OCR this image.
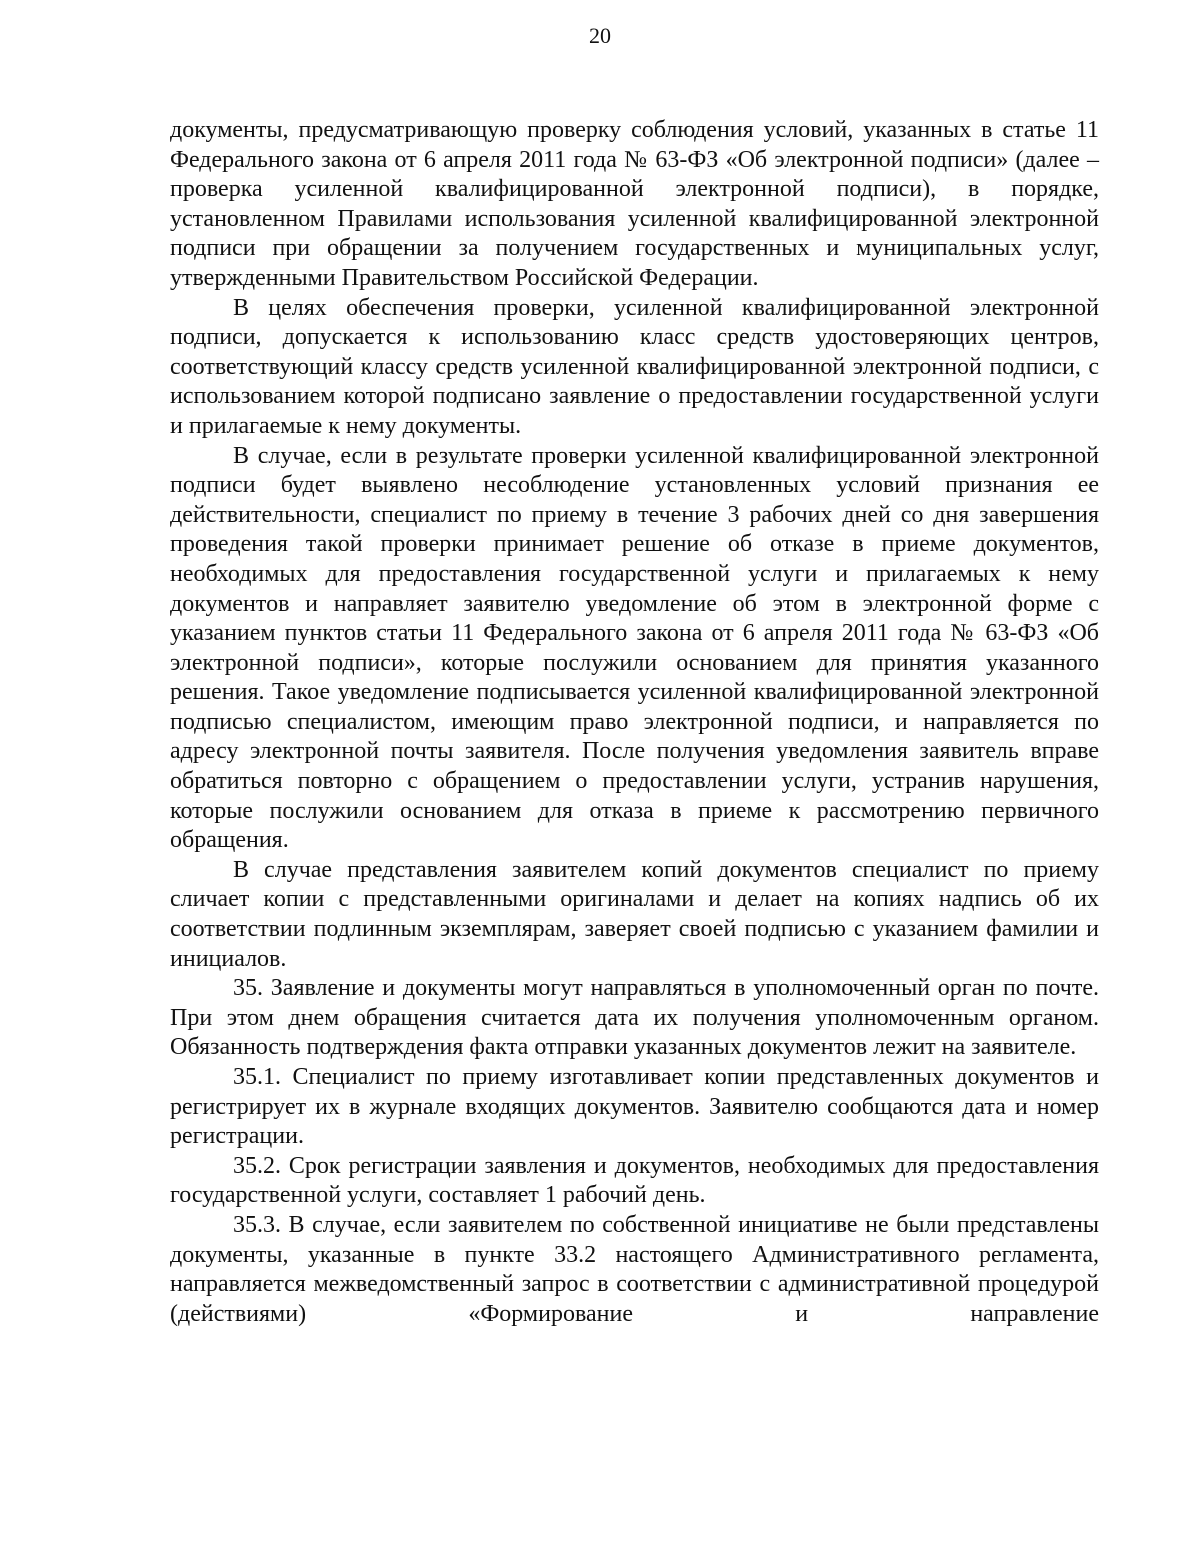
20

документы, предусматривающую проверку соблюдения условий, указанных в статье 11 Федерального закона от 6 апреля 2011 года № 63-ФЗ «Об электронной подписи» (далее – проверка усиленной квалифицированной электронной подписи), в порядке, установленном Правилами использования усиленной квалифицированной электронной подписи при обращении за получением государственных и муниципальных услуг, утвержденными Правительством Российской Федерации.

В целях обеспечения проверки, усиленной квалифицированной электронной подписи, допускается к использованию класс средств удостоверяющих центров, соответствующий классу средств усиленной квалифицированной электронной подписи, с использованием которой подписано заявление о предоставлении государственной услуги и прилагаемые к нему документы.

В случае, если в результате проверки усиленной квалифицированной электронной подписи будет выявлено несоблюдение установленных условий признания ее действительности, специалист по приему в течение 3 рабочих дней со дня завершения проведения такой проверки принимает решение об отказе в приеме документов, необходимых для предоставления государственной услуги и прилагаемых к нему документов и направляет заявителю уведомление об этом в электронной форме с указанием пунктов статьи 11 Федерального закона от 6 апреля 2011 года № 63-ФЗ «Об электронной подписи», которые послужили основанием для принятия указанного решения. Такое уведомление подписывается усиленной квалифицированной электронной подписью специалистом, имеющим право электронной подписи, и направляется по адресу электронной почты заявителя. После получения уведомления заявитель вправе обратиться повторно с обращением о предоставлении услуги, устранив нарушения, которые послужили основанием для отказа в приеме к рассмотрению первичного обращения.

В случае представления заявителем копий документов специалист по приему сличает копии с представленными оригиналами и делает на копиях надпись об их соответствии подлинным экземплярам, заверяет своей подписью с указанием фамилии и инициалов.

35. Заявление и документы могут направляться в уполномоченный орган по почте. При этом днем обращения считается дата их получения уполномоченным органом. Обязанность подтверждения факта отправки указанных документов лежит на заявителе.

35.1. Специалист по приему изготавливает копии представленных документов и регистрирует их в журнале входящих документов. Заявителю сообщаются дата и номер регистрации.

35.2. Срок регистрации заявления и документов, необходимых для предоставления государственной услуги, составляет 1 рабочий день.

35.3. В случае, если заявителем по собственной инициативе не были представлены документы, указанные в пункте 33.2 настоящего Административного регламента, направляется межведомственный запрос в соответствии с административной процедурой (действиями) «Формирование и направление
